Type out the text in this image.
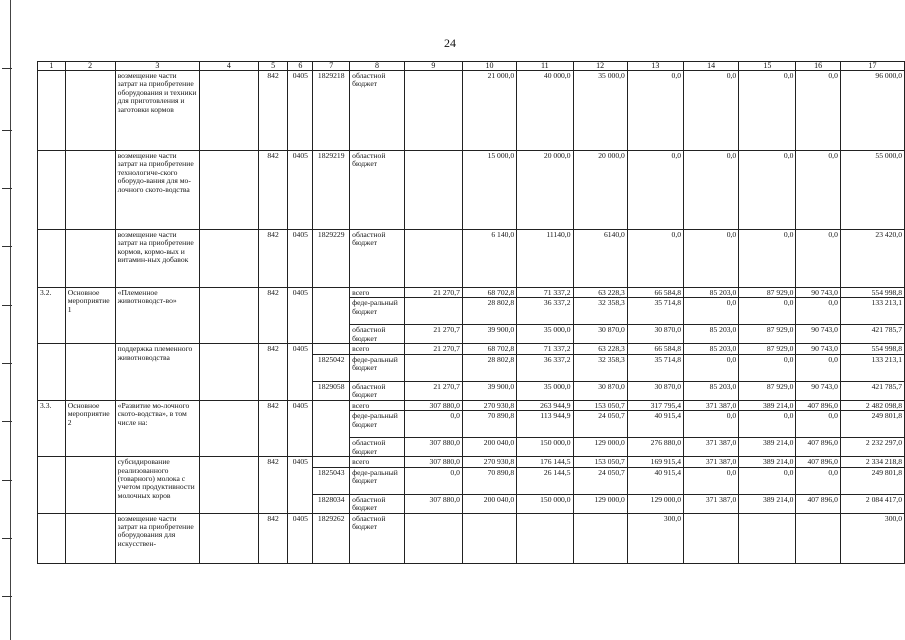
24
1	2	3	4	5	6	7	8	9	10	11	12	13	14	15	16	17
		возмещение части затрат на приобретение оборудования и техники для приготовления и заготовки кормов		842	0405	1829218	областной бюджет		21 000,0	40 000,0	35 000,0	0,0	0,0	0,0	0,0	96 000,0
		возмещение части затрат на приобретение технологиче-ского оборудо-вания для мо-лочного ското-водства		842	0405	1829219	областной бюджет		15 000,0	20 000,0	20 000,0	0,0	0,0	0,0	0,0	55 000,0
		возмещение части затрат на приобретение кормов, кормо-вых и витамин-ных добавок		842	0405	1829229	областной бюджет		6 140,0	11140,0	6140,0	0,0	0,0	0,0	0,0	23 420,0
3.2.	Основное мероприятие 1	«Племенное животноводст-во»		842	0405		всего	21 270,7	68 702,8	71 337,2	63 228,3	66 584,8	85 203,0	87 929,0	90 743,0	554 998,8
							феде-ральный бюджет		28 802,8	36 337,2	32 358,3	35 714,8	0,0	0,0	0,0	133 213,1
							областной бюджет	21 270,7	39 900,0	35 000,0	30 870,0	30 870,0	85 203,0	87 929,0	90 743,0	421 785,7
		поддержка племенного животноводства		842	0405		всего	21 270,7	68 702,8	71 337,2	63 228,3	66 584,8	85 203,0	87 929,0	90 743,0	554 998,8
						1825042	феде-ральный бюджет		28 802,8	36 337,2	32 358,3	35 714,8	0,0	0,0	0,0	133 213,1
						1829058	областной бюджет	21 270,7	39 900,0	35 000,0	30 870,0	30 870,0	85 203,0	87 929,0	90 743,0	421 785,7
3.3.	Основное мероприятие 2	«Развитие мо-лочного ското-водства», в том числе на:		842	0405		всего	307 880,0	270 930,8	263 944,9	153 050,7	317 795,4	371 387,0	389 214,0	407 896,0	2 482 098,8
							феде-ральный бюджет	0,0	70 890,8	113 944,9	24 050,7	40 915,4	0,0	0,0	0,0	249 801,8
							областной бюджет	307 880,0	200 040,0	150 000,0	129 000,0	276 880,0	371 387,0	389 214,0	407 896,0	2 232 297,0
		субсидирование реализованного (товарного) молока с учетом продуктивности молочных коров		842	0405		всего	307 880,0	270 930,8	176 144,5	153 050,7	169 915,4	371 387,0	389 214,0	407 896,0	2 334 218,8
						1825043	феде-ральный бюджет	0,0	70 890,8	26 144,5	24 050,7	40 915,4	0,0	0,0	0,0	249 801,8
						1828034	областной бюджет	307 880,0	200 040,0	150 000,0	129 000,0	129 000,0	371 387,0	389 214,0	407 896,0	2 084 417,0
		возмещение части затрат на приобретение оборудования для искусствен-		842	0405	1829262	областной бюджет					300,0				300,0
